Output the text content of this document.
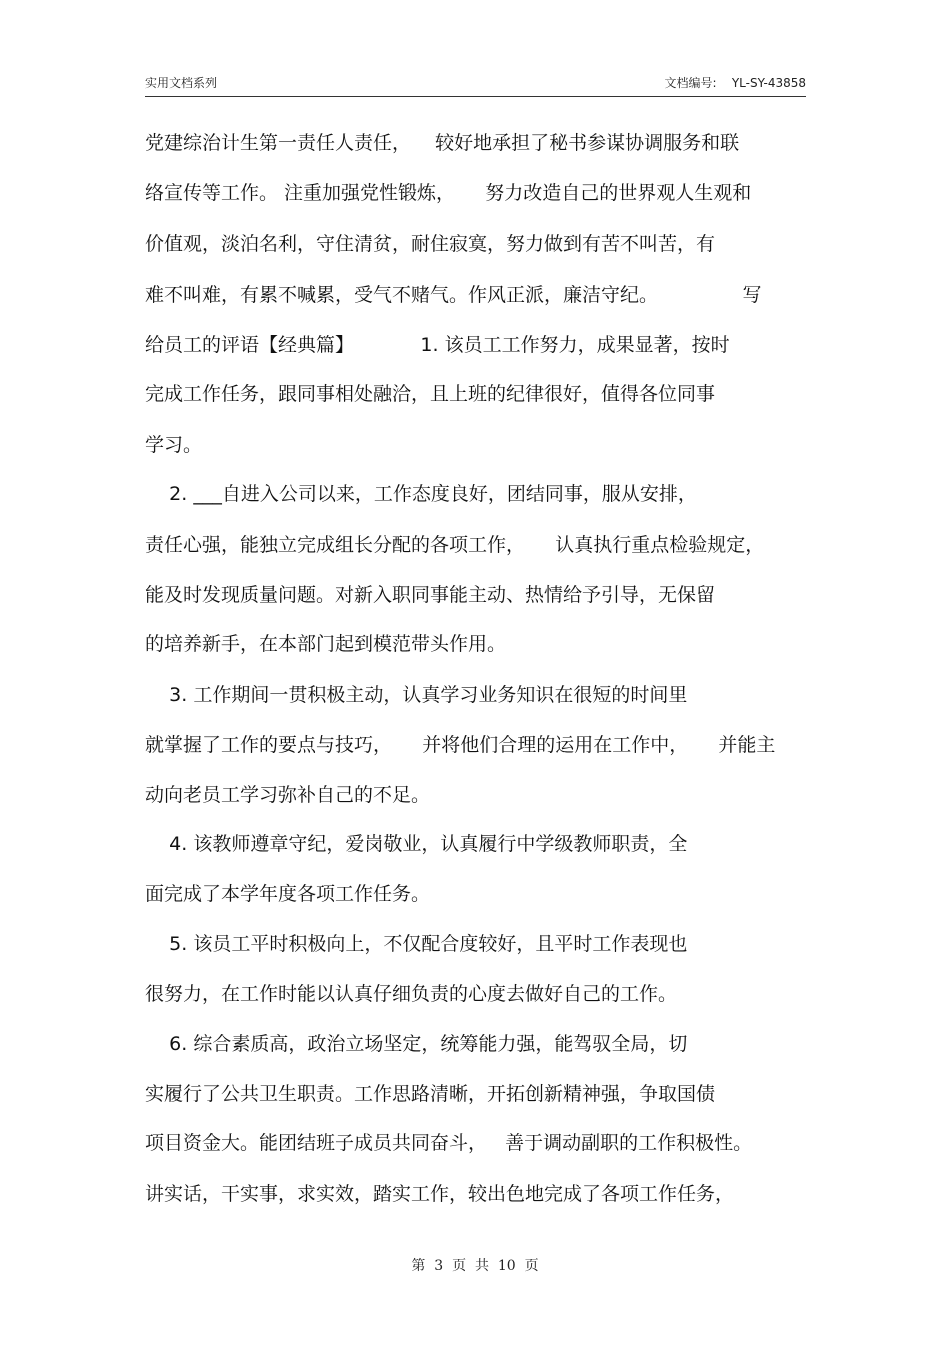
实用文档系列	文档编号:    YL-SY-43858
党建综治计生第一责任人责任，    较好地承担了秘书参谋协调服务和联
络宣传等工作。 注重加强党性锻炼，     努力改造自己的世界观人生观和
价值观，淡泊名利，守住清贫，耐住寂寞，努力做到有苦不叫苦，有
难不叫难，有累不喊累，受气不赌气。作风正派，廉洁守纪。              写
给员工的评语【经典篇】           1. 该员工工作努力，成果显著，按时
完成工作任务，跟同事相处融洽，且上班的纪律很好，值得各位同事
学习。
2. ___自进入公司以来，工作态度良好，团结同事，服从安排，
责任心强，能独立完成组长分配的各项工作，     认真执行重点检验规定，
能及时发现质量问题。对新入职同事能主动、热情给予引导，无保留
的培养新手，在本部门起到模范带头作用。
3. 工作期间一贯积极主动，认真学习业务知识在很短的时间里
就掌握了工作的要点与技巧，     并将他们合理的运用在工作中，     并能主
动向老员工学习弥补自己的不足。
4. 该教师遵章守纪，爱岗敬业，认真履行中学级教师职责，全
面完成了本学年度各项工作任务。
5. 该员工平时积极向上，不仅配合度较好，且平时工作表现也
很努力，在工作时能以认真仔细负责的心度去做好自己的工作。
6. 综合素质高，政治立场坚定，统筹能力强，能驾驭全局，切
实履行了公共卫生职责。工作思路清晰，开拓创新精神强，争取国债
项目资金大。能团结班子成员共同奋斗，   善于调动副职的工作积极性。
讲实话，干实事，求实效，踏实工作，较出色地完成了各项工作任务，
第  3  页  共  10  页
